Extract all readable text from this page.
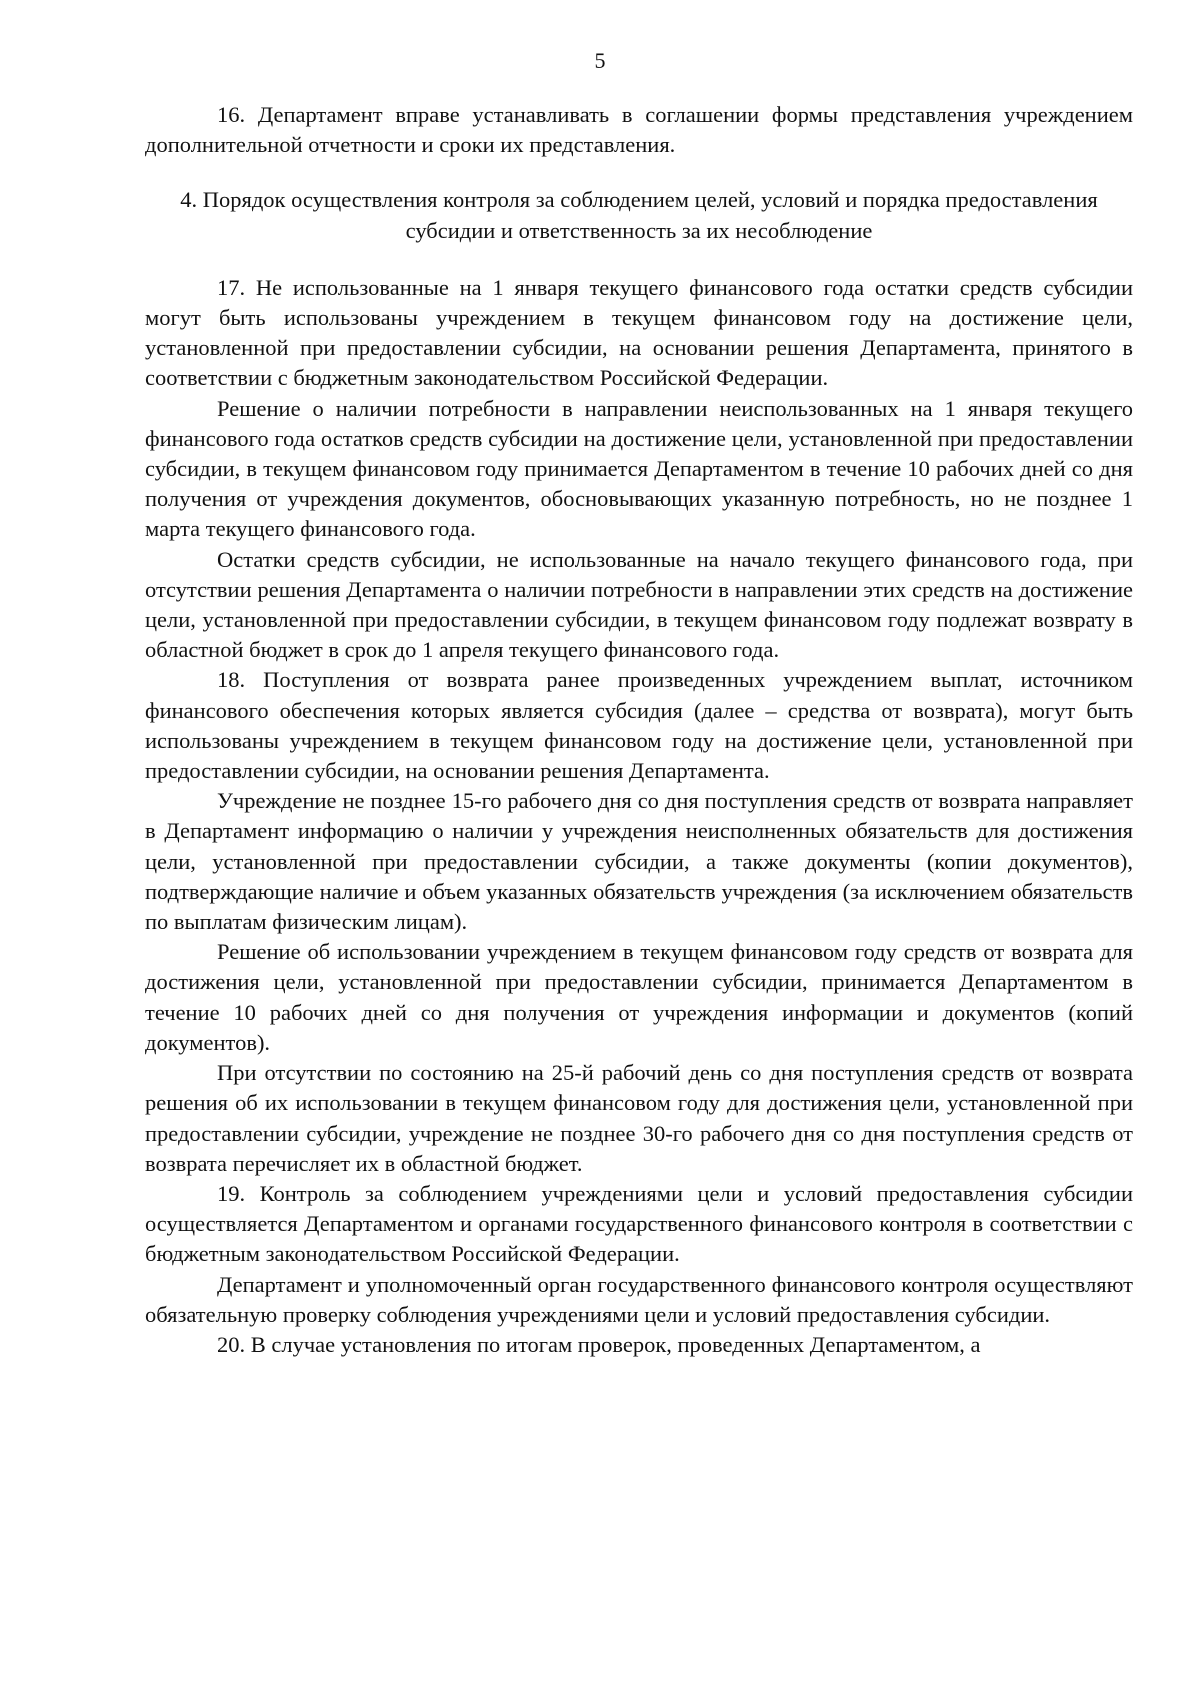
5

16. Департамент вправе устанавливать в соглашении формы представления учреждением дополнительной отчетности и сроки их представления.

4. Порядок осуществления контроля за соблюдением целей, условий и порядка предоставления субсидии и ответственность за их несоблюдение

17. Не использованные на 1 января текущего финансового года остатки средств субсидии могут быть использованы учреждением в текущем финансовом году на достижение цели, установленной при предоставлении субсидии, на основании решения Департамента, принятого в соответствии с бюджетным законодательством Российской Федерации.

Решение о наличии потребности в направлении неиспользованных на 1 января текущего финансового года остатков средств субсидии на достижение цели, установленной при предоставлении субсидии, в текущем финансовом году принимается Департаментом в течение 10 рабочих дней со дня получения от учреждения документов, обосновывающих указанную потребность, но не позднее 1 марта текущего финансового года.

Остатки средств субсидии, не использованные на начало текущего финансового года, при отсутствии решения Департамента о наличии потребности в направлении этих средств на достижение цели, установленной при предоставлении субсидии, в текущем финансовом году подлежат возврату в областной бюджет в срок до 1 апреля текущего финансового года.

18. Поступления от возврата ранее произведенных учреждением выплат, источником финансового обеспечения которых является субсидия (далее – средства от возврата), могут быть использованы учреждением в текущем финансовом году на достижение цели, установленной при предоставлении субсидии, на основании решения Департамента.

Учреждение не позднее 15-го рабочего дня со дня поступления средств от возврата направляет в Департамент информацию о наличии у учреждения неисполненных обязательств для достижения цели, установленной при предоставлении субсидии, а также документы (копии документов), подтверждающие наличие и объем указанных обязательств учреждения (за исключением обязательств по выплатам физическим лицам).

Решение об использовании учреждением в текущем финансовом году средств от возврата для достижения цели, установленной при предоставлении субсидии, принимается Департаментом в течение 10 рабочих дней со дня получения от учреждения информации и документов (копий документов).

При отсутствии по состоянию на 25-й рабочий день со дня поступления средств от возврата решения об их использовании в текущем финансовом году для достижения цели, установленной при предоставлении субсидии, учреждение не позднее 30-го рабочего дня со дня поступления средств от возврата перечисляет их в областной бюджет.

19. Контроль за соблюдением учреждениями цели и условий предоставления субсидии осуществляется Департаментом и органами государственного финансового контроля в соответствии с бюджетным законодательством Российской Федерации.

Департамент и уполномоченный орган государственного финансового контроля осуществляют обязательную проверку соблюдения учреждениями цели и условий предоставления субсидии.

20. В случае установления по итогам проверок, проведенных Департаментом, а
